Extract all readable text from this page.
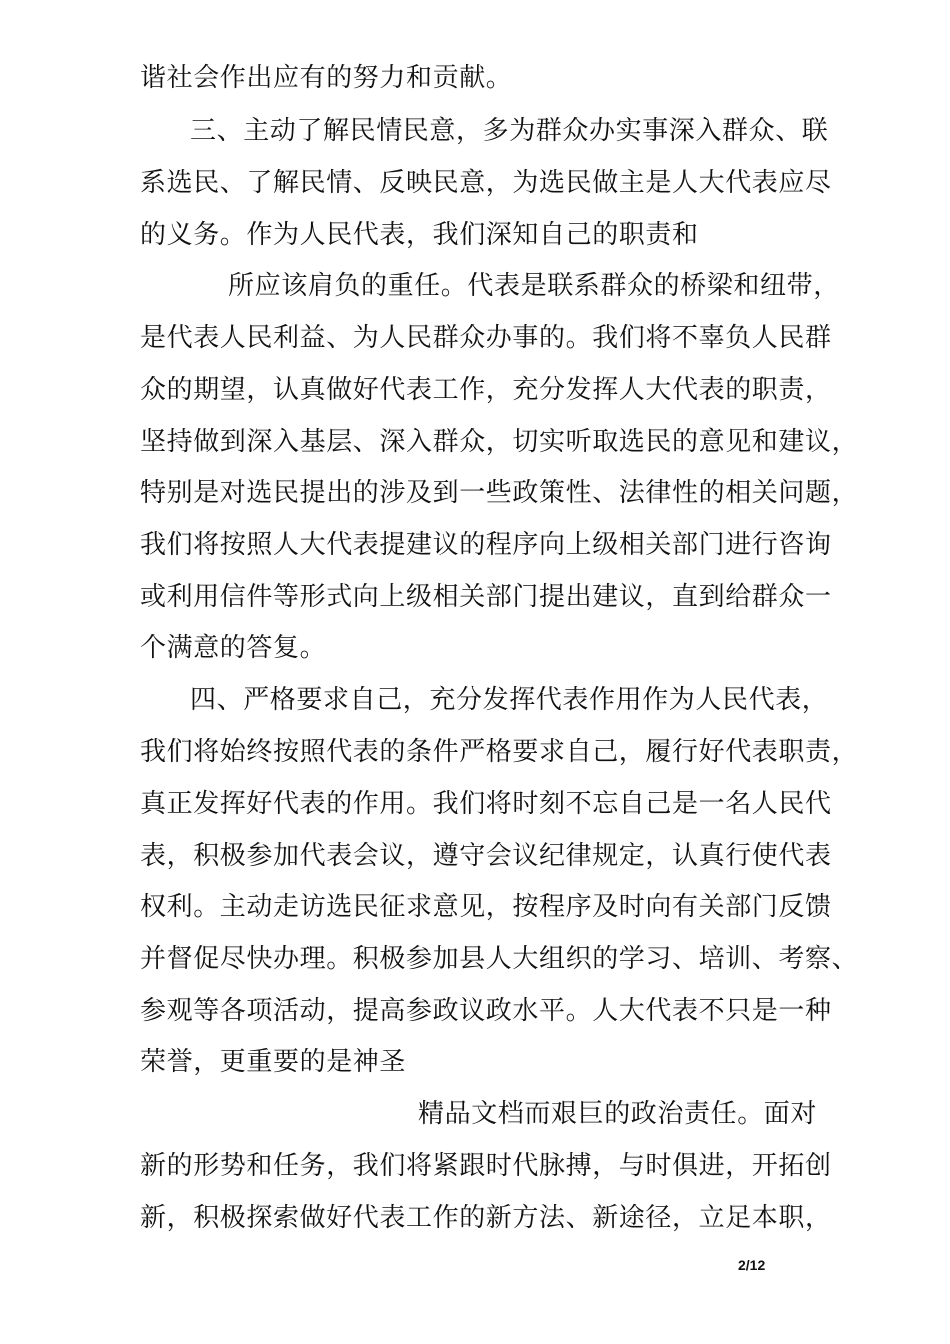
谐社会作出应有的努力和贡献。
三、主动了解民情民意，多为群众办实事深入群众、联
系选民、了解民情、反映民意，为选民做主是人大代表应尽
的义务。作为人民代表，我们深知自己的职责和
所应该肩负的重任。代表是联系群众的桥梁和纽带，
是代表人民利益、为人民群众办事的。我们将不辜负人民群
众的期望，认真做好代表工作，充分发挥人大代表的职责，
坚持做到深入基层、深入群众，切实听取选民的意见和建议，
特别是对选民提出的涉及到一些政策性、法律性的相关问题，
我们将按照人大代表提建议的程序向上级相关部门进行咨询
或利用信件等形式向上级相关部门提出建议，直到给群众一
个满意的答复。
四、严格要求自己，充分发挥代表作用作为人民代表，
我们将始终按照代表的条件严格要求自己，履行好代表职责，
真正发挥好代表的作用。我们将时刻不忘自己是一名人民代
表，积极参加代表会议，遵守会议纪律规定，认真行使代表
权利。主动走访选民征求意见，按程序及时向有关部门反馈
并督促尽快办理。积极参加县人大组织的学习、培训、考察、
参观等各项活动，提高参政议政水平。人大代表不只是一种
荣誉，更重要的是神圣
精品文档而艰巨的政治责任。面对
新的形势和任务，我们将紧跟时代脉搏，与时俱进，开拓创
新，积极探索做好代表工作的新方法、新途径，立足本职，
2/12
